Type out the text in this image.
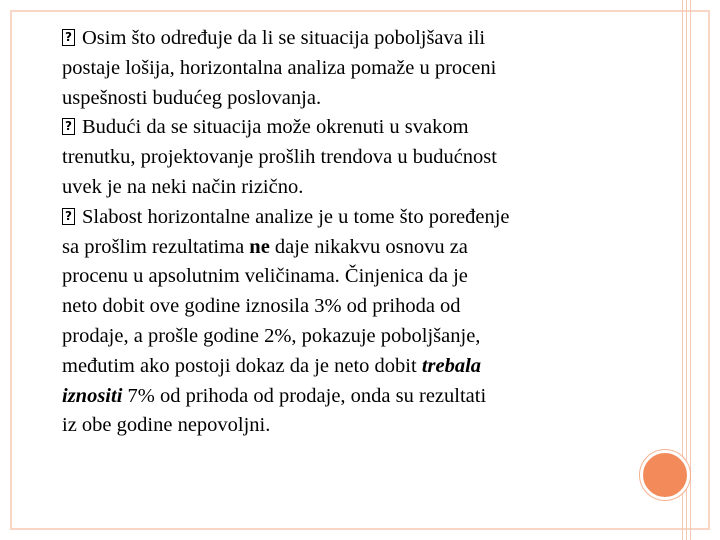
?Osim što određuje da li se situacija poboljšava ili
postaje lošija, horizontalna analiza pomaže u proceni
uspešnosti budućeg poslovanja.
?Budući da se situacija može okrenuti u svakom
trenutku, projektovanje prošlih trendova u budućnost
uvek je na neki način rizično.
?Slabost horizontalne analize je u tome što poređenje
sa prošlim rezultatima ne daje nikakvu osnovu za
procenu u apsolutnim veličinama. Činjenica da je
neto dobit ove godine iznosila 3% od prihoda od
prodaje, a prošle godine 2%, pokazuje poboljšanje,
međutim ako postoji dokaz da je neto dobit trebala
iznositi 7% od prihoda od prodaje, onda su rezultati
iz obe godine nepovoljni.
